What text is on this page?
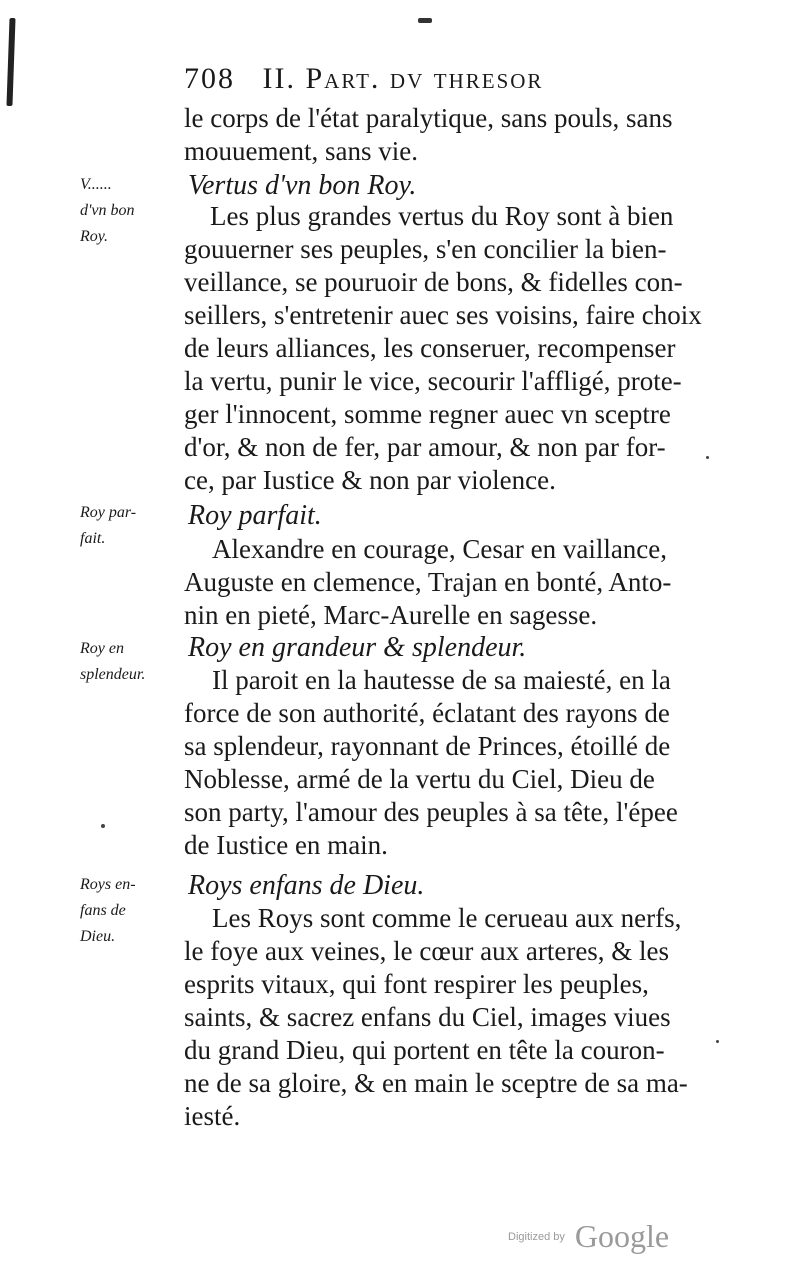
708 II. Part. dv thresor
le corps de l'état paralytique, sans pouls, sans
mouuement, sans vie.
V......
d'vn bon
Roy.
Vertus d'vn bon Roy.
Les plus grandes vertus du Roy sont à bien
gouuerner ses peuples, s'en concilier la bien-
veillance, se pouruoir de bons, & fidelles con-
seillers, s'entretenir auec ses voisins, faire choix
de leurs alliances, les conseruer, recompenser
la vertu, punir le vice, secourir l'affligé, prote-
ger l'innocent, somme regner auec vn sceptre
d'or, & non de fer, par amour, & non par for-
ce, par Iustice & non par violence.
Roy par-
fait.
Roy parfait.
Alexandre en courage, Cesar en vaillance,
Auguste en clemence, Trajan en bonté, Anto-
nin en pieté, Marc-Aurelle en sagesse.
Roy en
splendeur.
Roy en grandeur & splendeur.
Il paroit en la hautesse de sa maiesté, en la
force de son authorité, éclatant des rayons de
sa splendeur, rayonnant de Princes, étoillé de
Noblesse, armé de la vertu du Ciel, Dieu de
son party, l'amour des peuples à sa tête, l'épee
de Iustice en main.
Roys en-
fans de
Dieu.
Roys enfans de Dieu.
Les Roys sont comme le cerueau aux nerfs,
le foye aux veines, le cœur aux arteres, & les
esprits vitaux, qui font respirer les peuples,
saints, & sacrez enfans du Ciel, images viues
du grand Dieu, qui portent en tête la couron-
ne de sa gloire, & en main le sceptre de sa ma-
iesté.
Digitized by Google
